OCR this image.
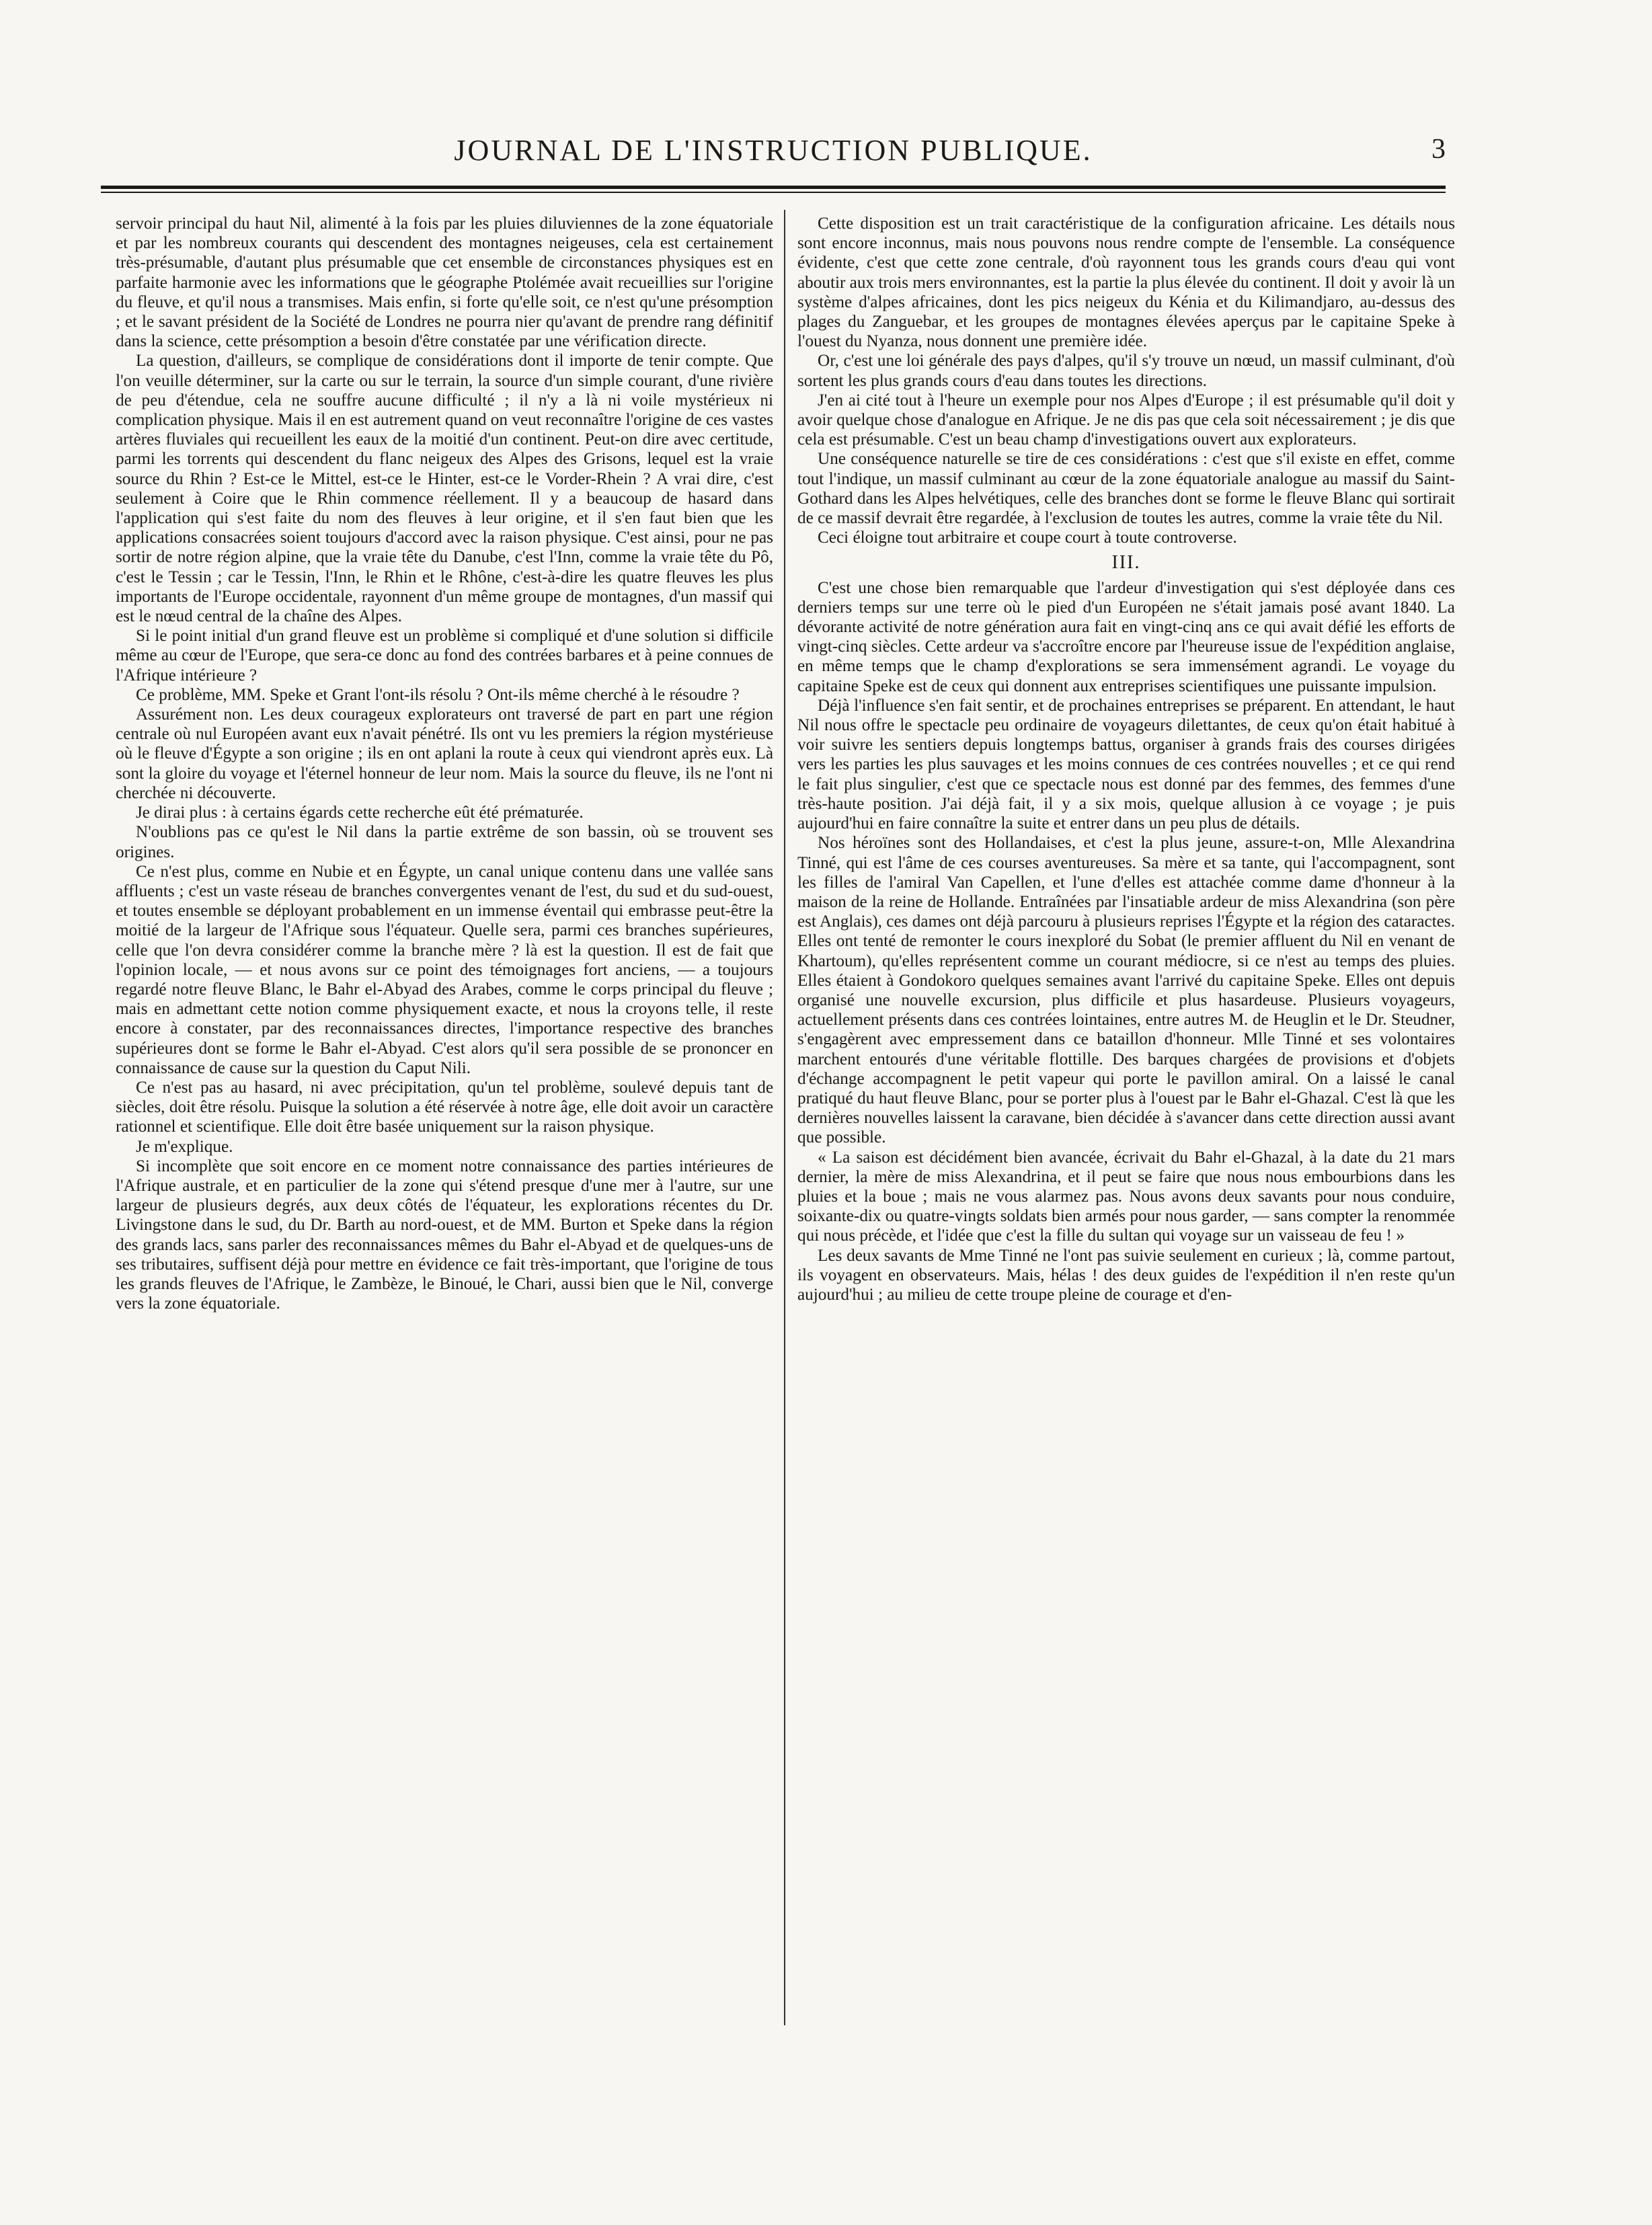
JOURNAL DE L'INSTRUCTION PUBLIQUE.	3

servoir principal du haut Nil, alimenté à la fois par les pluies diluviennes de la zone équatoriale et par les nombreux courants qui descendent des montagnes neigeuses, cela est certainement très-présumable, d'autant plus présumable que cet ensemble de circonstances physiques est en parfaite harmonie avec les informations que le géographe Ptolémée avait recueillies sur l'origine du fleuve, et qu'il nous a transmises. Mais enfin, si forte qu'elle soit, ce n'est qu'une présomption ; et le savant président de la Société de Londres ne pourra nier qu'avant de prendre rang définitif dans la science, cette présomption a besoin d'être constatée par une vérification directe.

La question, d'ailleurs, se complique de considérations dont il importe de tenir compte. Que l'on veuille déterminer, sur la carte ou sur le terrain, la source d'un simple courant, d'une rivière de peu d'étendue, cela ne souffre aucune difficulté ; il n'y a là ni voile mystérieux ni complication physique. Mais il en est autrement quand on veut reconnaître l'origine de ces vastes artères fluviales qui recueillent les eaux de la moitié d'un continent. Peut-on dire avec certitude, parmi les torrents qui descendent du flanc neigeux des Alpes des Grisons, lequel est la vraie source du Rhin ? Est-ce le Mittel, est-ce le Hinter, est-ce le Vorder-Rhein ? A vrai dire, c'est seulement à Coire que le Rhin commence réellement. Il y a beaucoup de hasard dans l'application qui s'est faite du nom des fleuves à leur origine, et il s'en faut bien que les applications consacrées soient toujours d'accord avec la raison physique. C'est ainsi, pour ne pas sortir de notre région alpine, que la vraie tête du Danube, c'est l'Inn, comme la vraie tête du Pô, c'est le Tessin ; car le Tessin, l'Inn, le Rhin et le Rhône, c'est-à-dire les quatre fleuves les plus importants de l'Europe occidentale, rayonnent d'un même groupe de montagnes, d'un massif qui est le nœud central de la chaîne des Alpes.

Si le point initial d'un grand fleuve est un problème si compliqué et d'une solution si difficile même au cœur de l'Europe, que sera-ce donc au fond des contrées barbares et à peine connues de l'Afrique intérieure ?

Ce problème, MM. Speke et Grant l'ont-ils résolu ? Ont-ils même cherché à le résoudre ?

Assurément non. Les deux courageux explorateurs ont traversé de part en part une région centrale où nul Européen avant eux n'avait pénétré. Ils ont vu les premiers la région mystérieuse où le fleuve d'Égypte a son origine ; ils en ont aplani la route à ceux qui viendront après eux. Là sont la gloire du voyage et l'éternel honneur de leur nom. Mais la source du fleuve, ils ne l'ont ni cherchée ni découverte.

Je dirai plus : à certains égards cette recherche eût été prématurée.

N'oublions pas ce qu'est le Nil dans la partie extrême de son bassin, où se trouvent ses origines.

Ce n'est plus, comme en Nubie et en Égypte, un canal unique contenu dans une vallée sans affluents ; c'est un vaste réseau de branches convergentes venant de l'est, du sud et du sud-ouest, et toutes ensemble se déployant probablement en un immense éventail qui embrasse peut-être la moitié de la largeur de l'Afrique sous l'équateur. Quelle sera, parmi ces branches supérieures, celle que l'on devra considérer comme la branche mère ? là est la question. Il est de fait que l'opinion locale, — et nous avons sur ce point des témoignages fort anciens, — a toujours regardé notre fleuve Blanc, le Bahr el-Abyad des Arabes, comme le corps principal du fleuve ; mais en admettant cette notion comme physiquement exacte, et nous la croyons telle, il reste encore à constater, par des reconnaissances directes, l'importance respective des branches supérieures dont se forme le Bahr el-Abyad. C'est alors qu'il sera possible de se prononcer en connaissance de cause sur la question du Caput Nili.

Ce n'est pas au hasard, ni avec précipitation, qu'un tel problème, soulevé depuis tant de siècles, doit être résolu. Puisque la solution a été réservée à notre âge, elle doit avoir un caractère rationnel et scientifique. Elle doit être basée uniquement sur la raison physique.

Je m'explique.

Si incomplète que soit encore en ce moment notre connaissance des parties intérieures de l'Afrique australe, et en particulier de la zone qui s'étend presque d'une mer à l'autre, sur une largeur de plusieurs degrés, aux deux côtés de l'équateur, les explorations récentes du Dr. Livingstone dans le sud, du Dr. Barth au nord-ouest, et de MM. Burton et Speke dans la région des grands lacs, sans parler des reconnaissances mêmes du Bahr el-Abyad et de quelques-uns de ses tributaires, suffisent déjà pour mettre en évidence ce fait très-important, que l'origine de tous les grands fleuves de l'Afrique, le Zambèze, le Binoué, le Chari, aussi bien que le Nil, converge vers la zone équatoriale.

Cette disposition est un trait caractéristique de la configuration africaine. Les détails nous sont encore inconnus, mais nous pouvons nous rendre compte de l'ensemble. La conséquence évidente, c'est que cette zone centrale, d'où rayonnent tous les grands cours d'eau qui vont aboutir aux trois mers environnantes, est la partie la plus élevée du continent. Il doit y avoir là un système d'alpes africaines, dont les pics neigeux du Kénia et du Kilimandjaro, au-dessus des plages du Zanguebar, et les groupes de montagnes élevées aperçus par le capitaine Speke à l'ouest du Nyanza, nous donnent une première idée.

Or, c'est une loi générale des pays d'alpes, qu'il s'y trouve un nœud, un massif culminant, d'où sortent les plus grands cours d'eau dans toutes les directions.

J'en ai cité tout à l'heure un exemple pour nos Alpes d'Europe ; il est présumable qu'il doit y avoir quelque chose d'analogue en Afrique. Je ne dis pas que cela soit nécessairement ; je dis que cela est présumable. C'est un beau champ d'investigations ouvert aux explorateurs.

Une conséquence naturelle se tire de ces considérations : c'est que s'il existe en effet, comme tout l'indique, un massif culminant au cœur de la zone équatoriale analogue au massif du Saint-Gothard dans les Alpes helvétiques, celle des branches dont se forme le fleuve Blanc qui sortirait de ce massif devrait être regardée, à l'exclusion de toutes les autres, comme la vraie tête du Nil.

Ceci éloigne tout arbitraire et coupe court à toute controverse.

III.

C'est une chose bien remarquable que l'ardeur d'investigation qui s'est déployée dans ces derniers temps sur une terre où le pied d'un Européen ne s'était jamais posé avant 1840. La dévorante activité de notre génération aura fait en vingt-cinq ans ce qui avait défié les efforts de vingt-cinq siècles. Cette ardeur va s'accroître encore par l'heureuse issue de l'expédition anglaise, en même temps que le champ d'explorations se sera immensément agrandi. Le voyage du capitaine Speke est de ceux qui donnent aux entreprises scientifiques une puissante impulsion.

Déjà l'influence s'en fait sentir, et de prochaines entreprises se préparent. En attendant, le haut Nil nous offre le spectacle peu ordinaire de voyageurs dilettantes, de ceux qu'on était habitué à voir suivre les sentiers depuis longtemps battus, organiser à grands frais des courses dirigées vers les parties les plus sauvages et les moins connues de ces contrées nouvelles ; et ce qui rend le fait plus singulier, c'est que ce spectacle nous est donné par des femmes, des femmes d'une très-haute position. J'ai déjà fait, il y a six mois, quelque allusion à ce voyage ; je puis aujourd'hui en faire connaître la suite et entrer dans un peu plus de détails.

Nos héroïnes sont des Hollandaises, et c'est la plus jeune, assure-t-on, Mlle Alexandrina Tinné, qui est l'âme de ces courses aventureuses. Sa mère et sa tante, qui l'accompagnent, sont les filles de l'amiral Van Capellen, et l'une d'elles est attachée comme dame d'honneur à la maison de la reine de Hollande. Entraînées par l'insatiable ardeur de miss Alexandrina (son père est Anglais), ces dames ont déjà parcouru à plusieurs reprises l'Égypte et la région des cataractes. Elles ont tenté de remonter le cours inexploré du Sobat (le premier affluent du Nil en venant de Khartoum), qu'elles représentent comme un courant médiocre, si ce n'est au temps des pluies. Elles étaient à Gondokoro quelques semaines avant l'arrivé du capitaine Speke. Elles ont depuis organisé une nouvelle excursion, plus difficile et plus hasardeuse. Plusieurs voyageurs, actuellement présents dans ces contrées lointaines, entre autres M. de Heuglin et le Dr. Steudner, s'engagèrent avec empressement dans ce bataillon d'honneur. Mlle Tinné et ses volontaires marchent entourés d'une véritable flottille. Des barques chargées de provisions et d'objets d'échange accompagnent le petit vapeur qui porte le pavillon amiral. On a laissé le canal pratiqué du haut fleuve Blanc, pour se porter plus à l'ouest par le Bahr el-Ghazal. C'est là que les dernières nouvelles laissent la caravane, bien décidée à s'avancer dans cette direction aussi avant que possible.

« La saison est décidément bien avancée, écrivait du Bahr el-Ghazal, à la date du 21 mars dernier, la mère de miss Alexandrina, et il peut se faire que nous nous embourbions dans les pluies et la boue ; mais ne vous alarmez pas. Nous avons deux savants pour nous conduire, soixante-dix ou quatre-vingts soldats bien armés pour nous garder, — sans compter la renommée qui nous précède, et l'idée que c'est la fille du sultan qui voyage sur un vaisseau de feu ! »

Les deux savants de Mme Tinné ne l'ont pas suivie seulement en curieux ; là, comme partout, ils voyagent en observateurs. Mais, hélas ! des deux guides de l'expédition il n'en reste qu'un aujourd'hui ; au milieu de cette troupe pleine de courage et d'en-
